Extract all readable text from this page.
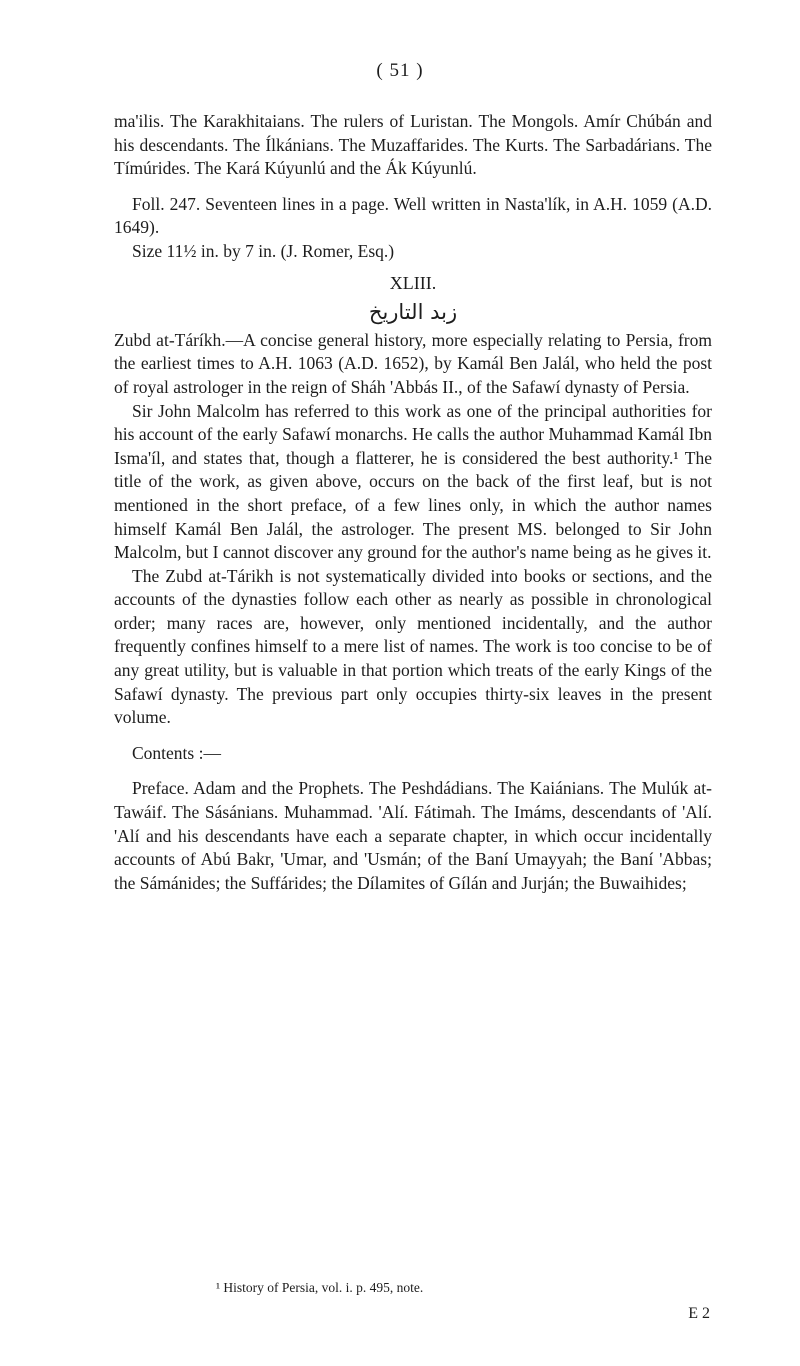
( 51 )

ma'ilis. The Karakhitaians. The rulers of Luristan. The Mongols. Amír Chúbán and his descendants. The Ílkánians. The Muzaffarides. The Kurts. The Sarbadárians. The Tímúrides. The Kará Kúyunlú and the Ák Kúyunlú.

Foll. 247. Seventeen lines in a page. Well written in Nasta'lík, in A.H. 1059 (A.D. 1649).

Size 11½ in. by 7 in. (J. Romer, Esq.)

XLIII.

زبد التاريخ

Zubd at-Táríkh.—A concise general history, more especially relating to Persia, from the earliest times to A.H. 1063 (A.D. 1652), by Kamál Ben Jalál, who held the post of royal astrologer in the reign of Sháh 'Abbás II., of the Safawí dynasty of Persia.

Sir John Malcolm has referred to this work as one of the principal authorities for his account of the early Safawí monarchs. He calls the author Muhammad Kamál Ibn Isma'íl, and states that, though a flatterer, he is considered the best authority.¹ The title of the work, as given above, occurs on the back of the first leaf, but is not mentioned in the short preface, of a few lines only, in which the author names himself Kamál Ben Jalál, the astrologer. The present MS. belonged to Sir John Malcolm, but I cannot discover any ground for the author's name being as he gives it.

The Zubd at-Tárikh is not systematically divided into books or sections, and the accounts of the dynasties follow each other as nearly as possible in chronological order; many races are, however, only mentioned incidentally, and the author frequently confines himself to a mere list of names. The work is too concise to be of any great utility, but is valuable in that portion which treats of the early Kings of the Safawí dynasty. The previous part only occupies thirty-six leaves in the present volume.

Contents :—

Preface. Adam and the Prophets. The Peshdádians. The Kaiánians. The Mulúk at-Tawáif. The Sásánians. Muhammad. 'Alí. Fátimah. The Imáms, descendants of 'Alí. 'Alí and his descendants have each a separate chapter, in which occur incidentally accounts of Abú Bakr, 'Umar, and 'Usmán; of the Baní Umayyah; the Baní 'Abbas; the Sámánides; the Suffárides; the Dílamites of Gílán and Jurján; the Buwaihides;

¹ History of Persia, vol. i. p. 495, note.
E 2
